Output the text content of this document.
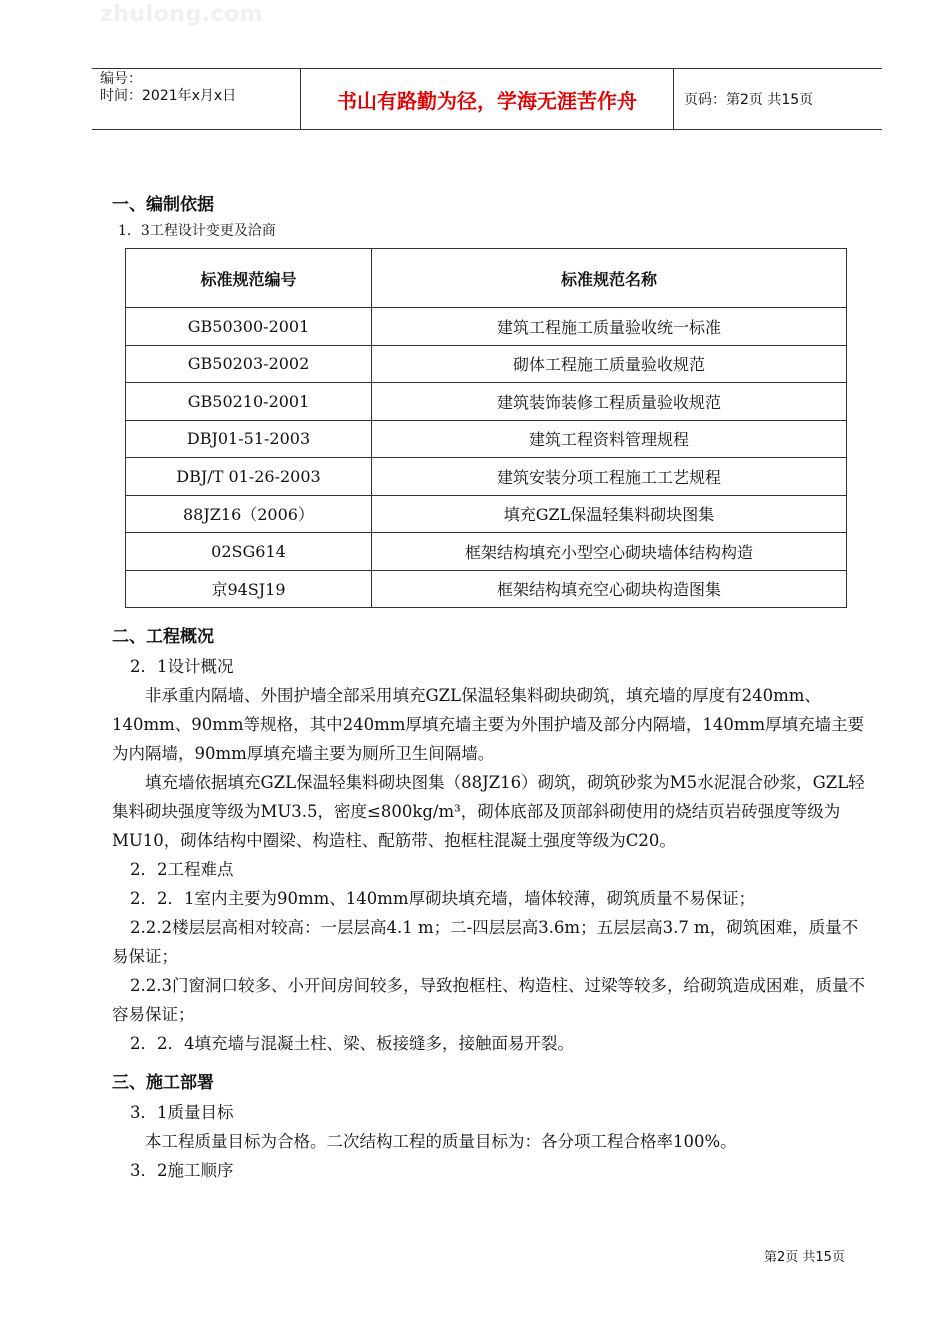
zhulong.com
编号：
时间：2021年x月x日	书山有路勤为径，学海无涯苦作舟	页码：第2页 共15页
一、编制依据

1．3工程设计变更及洽商

标准规范编号	标准规范名称
GB50300-2001	建筑工程施工质量验收统一标准
GB50203-2002	砌体工程施工质量验收规范
GB50210-2001	建筑装饰装修工程质量验收规范
DBJ01-51-2003	建筑工程资料管理规程
DBJ/T 01-26-2003	建筑安装分项工程施工工艺规程
88JZ16（2006）	填充GZL保温轻集料砌块图集
02SG614	框架结构填充小型空心砌块墙体结构构造
京94SJ19	框架结构填充空心砌块构造图集
二、工程概况

2．1设计概况

非承重内隔墙、外围护墙全部采用填充GZL保温轻集料砌块砌筑，填充墙的厚度有240mm、140mm、90mm等规格，其中240mm厚填充墙主要为外围护墙及部分内隔墙，140mm厚填充墙主要为内隔墙，90mm厚填充墙主要为厕所卫生间隔墙。

填充墙依据填充GZL保温轻集料砌块图集（88JZ16）砌筑，砌筑砂浆为M5水泥混合砂浆，GZL轻集料砌块强度等级为MU3.5，密度≤800kg/m³，砌体底部及顶部斜砌使用的烧结页岩砖强度等级为MU10，砌体结构中圈梁、构造柱、配筋带、抱框柱混凝土强度等级为C20。

2．2工程难点

2．2．1室内主要为90mm、140mm厚砌块填充墙，墙体较薄，砌筑质量不易保证；

2.2.2楼层层高相对较高：一层层高4.1 m；二-四层层高3.6m；五层层高3.7 m，砌筑困难，质量不易保证；

2.2.3门窗洞口较多、小开间房间较多，导致抱框柱、构造柱、过梁等较多，给砌筑造成困难，质量不容易保证；

2．2．4填充墙与混凝土柱、梁、板接缝多，接触面易开裂。

三、施工部署

3．1质量目标

本工程质量目标为合格。二次结构工程的质量目标为：各分项工程合格率100%。

3．2施工顺序

第2页 共15页
